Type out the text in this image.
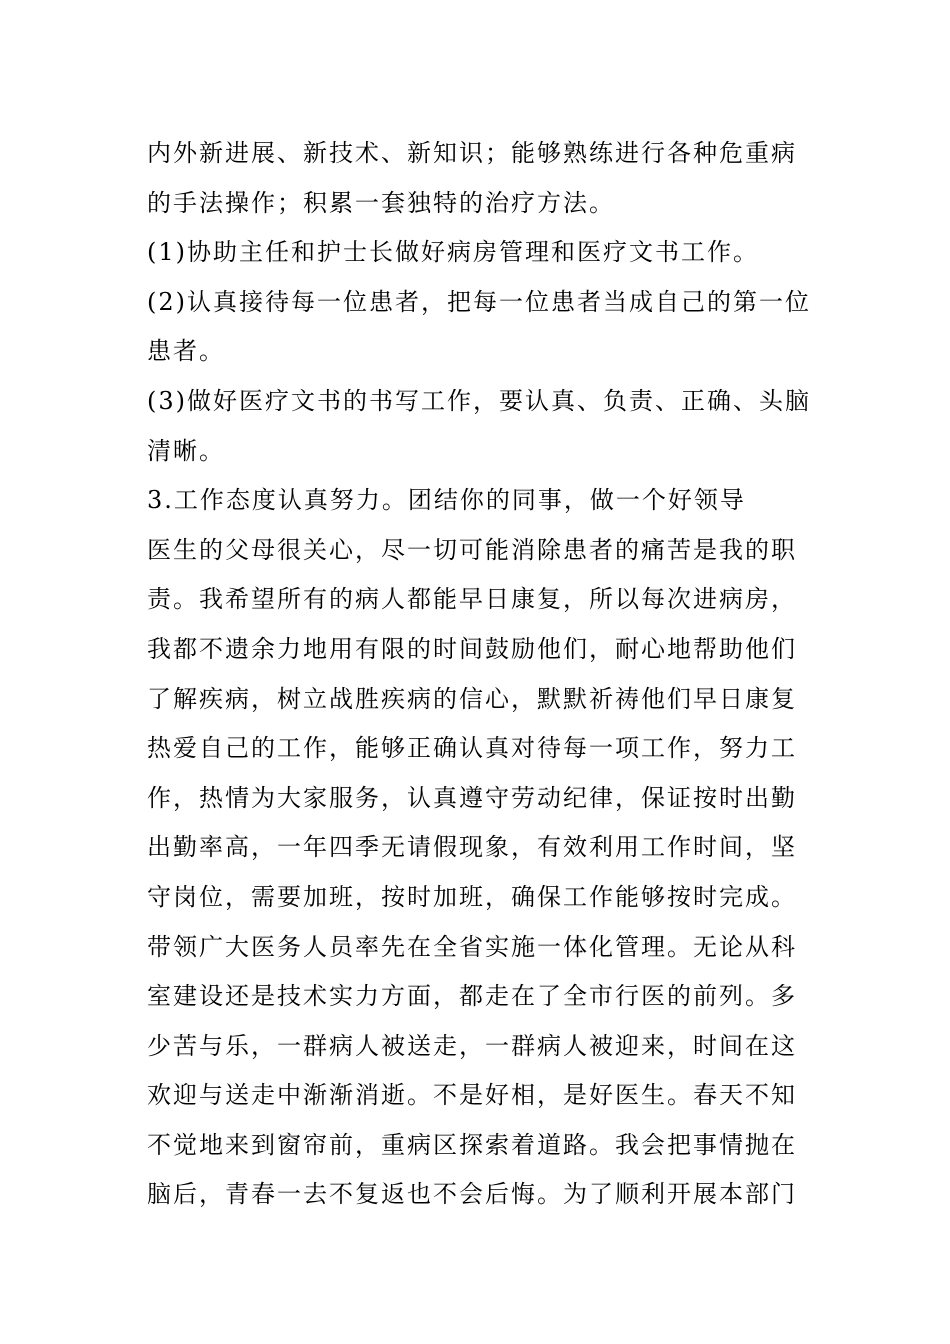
内外新进展、新技术、新知识；能够熟练进行各种危重病
的手法操作；积累一套独特的治疗方法。
(1)协助主任和护士长做好病房管理和医疗文书工作。
(2)认真接待每一位患者，把每一位患者当成自己的第一位
患者。
(3)做好医疗文书的书写工作，要认真、负责、正确、头脑
清晰。
3.工作态度认真努力。团结你的同事，做一个好领导
医生的父母很关心，尽一切可能消除患者的痛苦是我的职
责。我希望所有的病人都能早日康复，所以每次进病房，
我都不遗余力地用有限的时间鼓励他们，耐心地帮助他们
了解疾病，树立战胜疾病的信心，默默祈祷他们早日康复
热爱自己的工作，能够正确认真对待每一项工作，努力工
作，热情为大家服务，认真遵守劳动纪律，保证按时出勤
出勤率高，一年四季无请假现象，有效利用工作时间，坚
守岗位，需要加班，按时加班，确保工作能够按时完成。
带领广大医务人员率先在全省实施一体化管理。无论从科
室建设还是技术实力方面，都走在了全市行医的前列。多
少苦与乐，一群病人被送走，一群病人被迎来，时间在这
欢迎与送走中渐渐消逝。不是好相，是好医生。春天不知
不觉地来到窗帘前，重病区探索着道路。我会把事情抛在
脑后，青春一去不复返也不会后悔。为了顺利开展本部门
